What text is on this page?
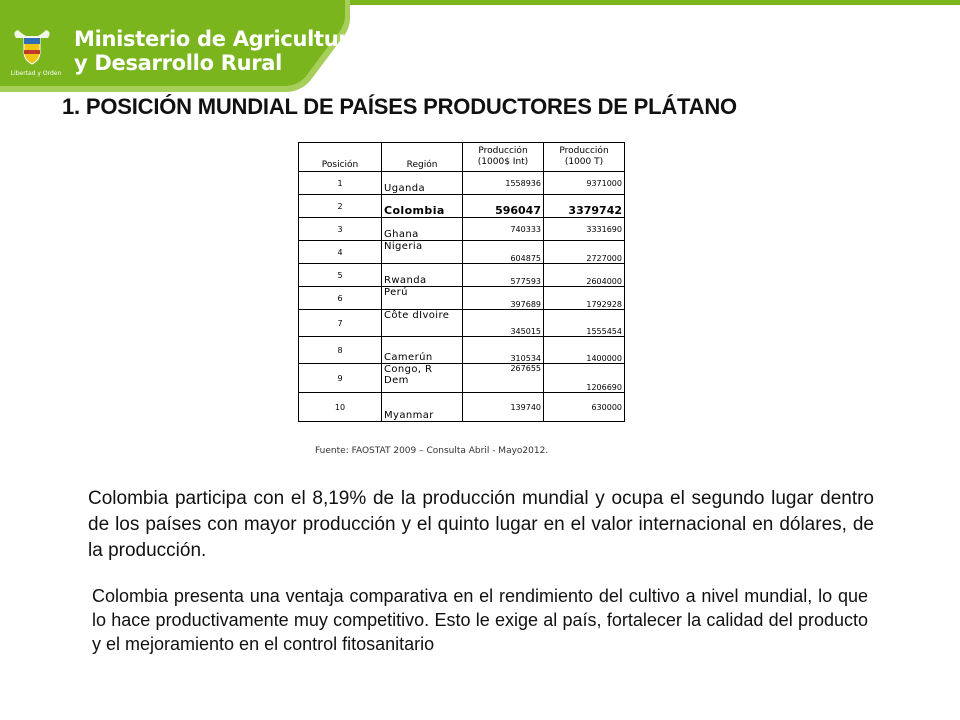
Libertad y Orden
Ministerio de Agricultura
y Desarrollo Rural
1. POSICIÓN MUNDIAL DE PAÍSES PRODUCTORES DE PLÁTANO
Posición	Región	Producción (1000$ Int)	Producción (1000 T)
1	Uganda	1558936	9371000
2	Colombia	596047	3379742
3	Ghana	740333	3331690
4	Nigeria	604875	2727000
5	Rwanda	577593	2604000
6	Perú	397689	1792928
7	Côte dIvoire	345015	1555454
8	Camerún	310534	1400000
9	Congo, R Dem	267655	1206690
10	Myanmar	139740	630000
Fuente: FAOSTAT 2009 – Consulta Abril - Mayo2012.
Colombia participa con el 8,19% de la producción mundial y ocupa el segundo lugar dentro de los países con mayor producción y el quinto lugar en el valor internacional en dólares, de la producción.
Colombia presenta una ventaja comparativa en el rendimiento del cultivo a nivel mundial, lo que lo hace productivamente muy competitivo. Esto le exige al país, fortalecer la calidad del producto y el mejoramiento en el control fitosanitario
